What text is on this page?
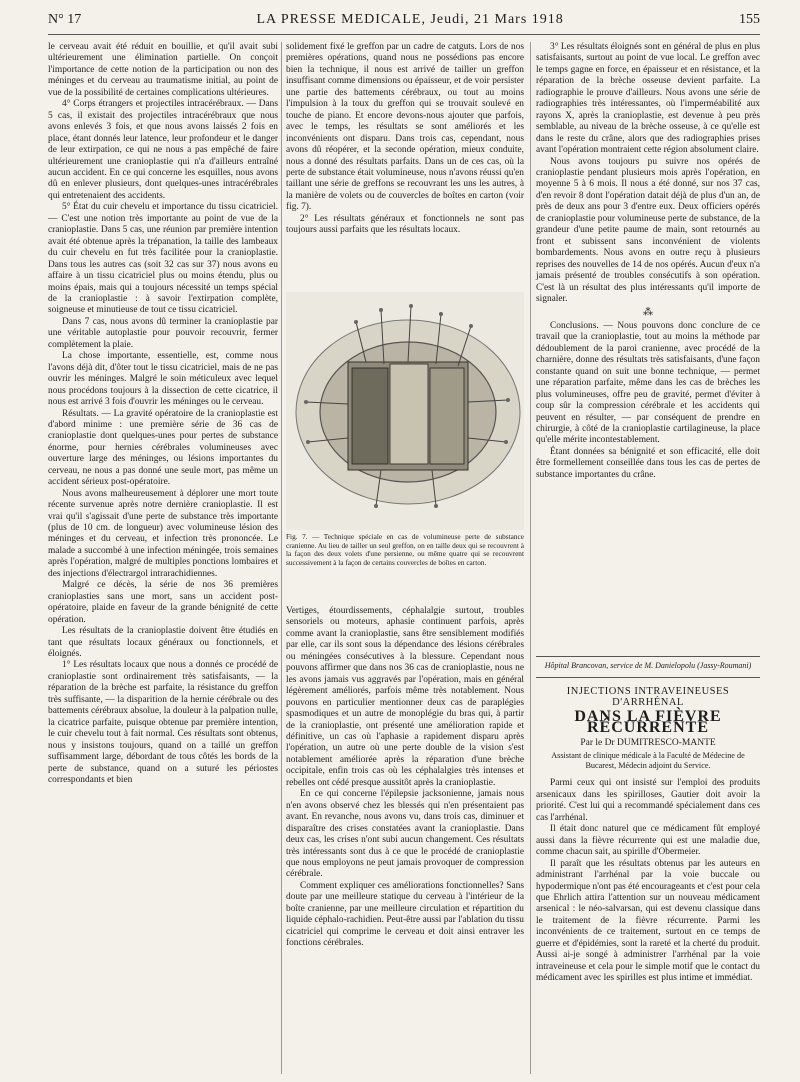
N° 17	LA PRESSE MEDICALE, Jeudi, 21 Mars 1918	155

le cerveau avait été réduit en bouillie, et qu'il avait subi ultérieurement une élimination partielle. On conçoit l'importance de cette notion de la participation ou non des méninges et du cerveau au traumatisme initial, au point de vue de la possibilité de certaines complications ultérieures.

4° Corps étrangers et projectiles intracérébraux. — Dans 5 cas, il existait des projectiles intracérébraux que nous avons enlevés 3 fois, et que nous avons laissés 2 fois en place, étant donnés leur latence, leur profondeur et le danger de leur extirpation, ce qui ne nous a pas empêché de faire ultérieurement une cranioplastie qui n'a d'ailleurs entraîné aucun accident. En ce qui concerne les esquilles, nous avons dû en enlever plusieurs, dont quelques-unes intracérébrales qui entretenaient des accidents.

5° État du cuir chevelu et importance du tissu cicatriciel. — C'est une notion très importante au point de vue de la cranioplastie. Dans 5 cas, une réunion par première intention avait été obtenue après la trépanation, la taille des lambeaux du cuir chevelu en fut très facilitée pour la cranioplastie. Dans tous les autres cas (soit 32 cas sur 37) nous avons eu affaire à un tissu cicatriciel plus ou moins étendu, plus ou moins épais, mais qui a toujours nécessité un temps spécial de la cranioplastie : à savoir l'extirpation complète, soigneuse et minutieuse de tout ce tissu cicatriciel.

Dans 7 cas, nous avons dû terminer la cranioplastie par une véritable autoplastie pour pouvoir recouvrir, fermer complètement la plaie.

La chose importante, essentielle, est, comme nous l'avons déjà dit, d'ôter tout le tissu cicatriciel, mais de ne pas ouvrir les méninges. Malgré le soin méticuleux avec lequel nous procédons toujours à la dissection de cette cicatrice, il nous est arrivé 3 fois d'ouvrir les méninges ou le cerveau.

Résultats. — La gravité opératoire de la cranioplastie est d'abord minime : une première série de 36 cas de cranioplastie dont quelques-unes pour pertes de substance énorme, pour hernies cérébrales volumineuses avec ouverture large des méninges, ou lésions importantes du cerveau, ne nous a pas donné une seule mort, pas même un accident sérieux post-opératoire.

Nous avons malheureusement à déplorer une mort toute récente survenue après notre dernière cranioplastie. Il est vrai qu'il s'agissait d'une perte de substance très importante (plus de 10 cm. de longueur) avec volumineuse lésion des méninges et du cerveau, et infection très prononcée. Le malade a succombé à une infection méningée, trois semaines après l'opération, malgré de multiples ponctions lombaires et des injections d'électrargol intrarachidiennes.

Malgré ce décès, la série de nos 36 premières cranioplasties sans une mort, sans un accident post-opératoire, plaide en faveur de la grande bénignité de cette opération.

Les résultats de la cranioplastie doivent être étudiés en tant que résultats locaux généraux ou fonctionnels, et éloignés.

1° Les résultats locaux que nous a donnés ce procédé de cranioplastie sont ordinairement très satisfaisants, — la réparation de la brèche est parfaite, la résistance du greffon très suffisante, — la disparition de la hernie cérébrale ou des battements cérébraux absolue, la douleur à la palpation nulle, la cicatrice parfaite, puisque obtenue par première intention, le cuir chevelu tout à fait normal. Ces résultats sont obtenus, nous y insistons toujours, quand on a taillé un greffon suffisamment large, débordant de tous côtés les bords de la perte de substance, quand on a suturé les périostes correspondants et bien

solidement fixé le greffon par un cadre de catguts. Lors de nos premières opérations, quand nous ne possédions pas encore bien la technique, il nous est arrivé de tailler un greffon insuffisant comme dimensions ou épaisseur, et de voir persister une partie des battements cérébraux, ou tout au moins l'impulsion à la toux du greffon qui se trouvait soulevé en touche de piano. Et encore devons-nous ajouter que parfois, avec le temps, les résultats se sont améliorés et les inconvénients ont disparu. Dans trois cas, cependant, nous avons dû réopérer, et la seconde opération, mieux conduite, nous a donné des résultats parfaits. Dans un de ces cas, où la perte de substance était volumineuse, nous n'avons réussi qu'en taillant une série de greffons se recouvrant les uns les autres, à la manière de volets ou de couvercles de boîtes en carton (voir fig. 7).

2° Les résultats généraux et fonctionnels ne sont pas toujours aussi parfaits que les résultats locaux.

Fig. 7. — Technique spéciale en cas de volumineuse perte de substance cranienne. Au lieu de tailler un seul greffon, on en taille deux qui se recouvrent à la façon des deux volets d'une persienne, ou même quatre qui se recouvrent successivement à la façon de certains couvercles de boîtes en carton.

Vertiges, étourdissements, céphalalgie surtout, troubles sensoriels ou moteurs, aphasie continuent parfois, après comme avant la cranioplastie, sans être sensiblement modifiés par elle, car ils sont sous la dépendance des lésions cérébrales ou méningées consécutives à la blessure. Cependant nous pouvons affirmer que dans nos 36 cas de cranioplastie, nous ne les avons jamais vus aggravés par l'opération, mais en général légèrement améliorés, parfois même très notablement. Nous pouvons en particulier mentionner deux cas de paraplégies spasmodiques et un autre de monoplégie du bras qui, à partir de la cranioplastie, ont présenté une amélioration rapide et définitive, un cas où l'aphasie a rapidement disparu après l'opération, un autre où une perte double de la vision s'est notablement améliorée après la réparation d'une brèche occipitale, enfin trois cas où les céphalalgies très intenses et rebelles ont cédé presque aussitôt après la cranioplastie.

En ce qui concerne l'épilepsie jacksonienne, jamais nous n'en avons observé chez les blessés qui n'en présentaient pas avant. En revanche, nous avons vu, dans trois cas, diminuer et disparaître des crises constatées avant la cranioplastie. Dans deux cas, les crises n'ont subi aucun changement. Ces résultats très intéressants sont dus à ce que le procédé de cranioplastie que nous employons ne peut jamais provoquer de compression cérébrale.

Comment expliquer ces améliorations fonctionnelles? Sans doute par une meilleure statique du cerveau à l'intérieur de la boîte cranienne, par une meilleure circulation et répartition du liquide céphalo-rachidien. Peut-être aussi par l'ablation du tissu cicatriciel qui comprime le cerveau et doit ainsi entraver les fonctions cérébrales.

3° Les résultats éloignés sont en général de plus en plus satisfaisants, surtout au point de vue local. Le greffon avec le temps gagne en force, en épaisseur et en résistance, et la réparation de la brèche osseuse devient parfaite. La radiographie le prouve d'ailleurs. Nous avons une série de radiographies très intéressantes, où l'imperméabilité aux rayons X, après la cranioplastie, est devenue à peu près semblable, au niveau de la brèche osseuse, à ce qu'elle est dans le reste du crâne, alors que des radiographies prises avant l'opération montraient cette région absolument claire.

Nous avons toujours pu suivre nos opérés de cranioplastie pendant plusieurs mois après l'opération, en moyenne 5 à 6 mois. Il nous a été donné, sur nos 37 cas, d'en revoir 8 dont l'opération datait déjà de plus d'un an, de près de deux ans pour 3 d'entre eux. Deux officiers opérés de cranioplastie pour volumineuse perte de substance, de la grandeur d'une petite paume de main, sont retournés au front et subissent sans inconvénient de violents bombardements. Nous avons en outre reçu à plusieurs reprises des nouvelles de 14 de nos opérés. Aucun d'eux n'a jamais présenté de troubles consécutifs à son opération. C'est là un résultat des plus intéressants qu'il importe de signaler.

⁂

Conclusions. — Nous pouvons donc conclure de ce travail que la cranioplastie, tout au moins la méthode par dédoublement de la paroi cranienne, avec procédé de la charnière, donne des résultats très satisfaisants, d'une façon constante quand on suit une bonne technique, — permet une réparation parfaite, même dans les cas de brèches les plus volumineuses, offre peu de gravité, permet d'éviter à coup sûr la compression cérébrale et les accidents qui peuvent en résulter, — par conséquent de prendre en chirurgie, à côté de la cranioplastie cartilagineuse, la place qu'elle mérite incontestablement.

Étant données sa bénignité et son efficacité, elle doit être formellement conseillée dans tous les cas de pertes de substance importantes du crâne.

Hôpital Brancovan, service de M. Danielopolu (Jassy-Roumani)
INJECTIONS INTRAVEINEUSES D'ARRHÉNAL
DANS LA FIÈVRE RÉCURRENTE
Par le Dr DUMITRESCO-MANTE
Assistant de clinique médicale à la Faculté de Médecine de Bucarest, Médecin adjoint du Service.

Parmi ceux qui ont insisté sur l'emploi des produits arsenicaux dans les spirilloses, Gautier doit avoir la priorité. C'est lui qui a recommandé spécialement dans ces cas l'arrhénal.

Il était donc naturel que ce médicament fût employé aussi dans la fièvre récurrente qui est une maladie due, comme chacun sait, au spirille d'Obermeier.

Il paraît que les résultats obtenus par les auteurs en administrant l'arrhénal par la voie buccale ou hypodermique n'ont pas été encourageants et c'est pour cela que Ehrlich attira l'attention sur un nouveau médicament arsenical : le néo-salvarsan, qui est devenu classique dans le traitement de la fièvre récurrente. Parmi les inconvénients de ce traitement, surtout en ce temps de guerre et d'épidémies, sont la rareté et la cherté du produit. Aussi ai-je songé à administrer l'arrhénal par la voie intraveineuse et cela pour le simple motif que le contact du médicament avec les spirilles est plus intime et immédiat.
